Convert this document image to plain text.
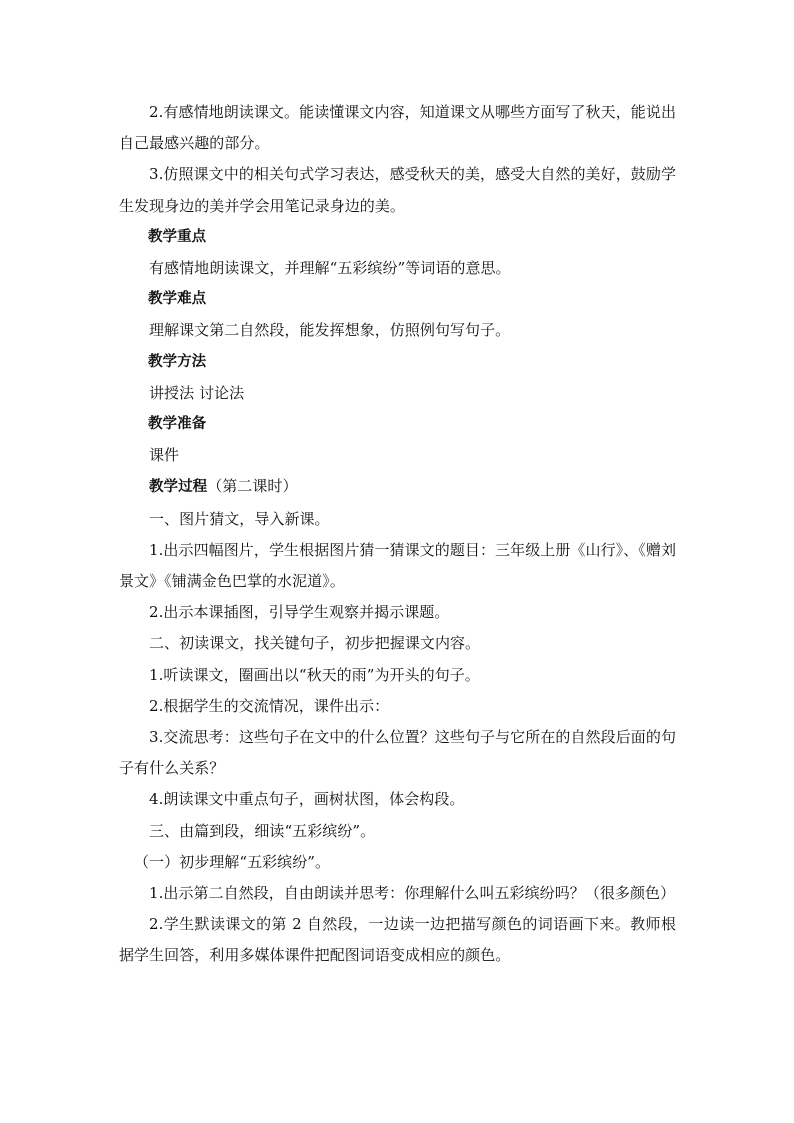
2.有感情地朗读课文。能读懂课文内容，知道课文从哪些方面写了秋天，能说出自己最感兴趣的部分。

3.仿照课文中的相关句式学习表达，感受秋天的美，感受大自然的美好，鼓励学生发现身边的美并学会用笔记录身边的美。

教学重点

有感情地朗读课文，并理解“五彩缤纷”等词语的意思。

教学难点

理解课文第二自然段，能发挥想象，仿照例句写句子。

教学方法

讲授法 讨论法

教学准备

课件

教学过程（第二课时）

一、图片猜文，导入新课。

1.出示四幅图片，学生根据图片猜一猜课文的题目：三年级上册《山行》、《赠刘景文》《铺满金色巴掌的水泥道》。

2.出示本课插图，引导学生观察并揭示课题。

二、初读课文，找关键句子，初步把握课文内容。

1.听读课文，圈画出以“秋天的雨”为开头的句子。

2.根据学生的交流情况，课件出示：

3.交流思考：这些句子在文中的什么位置？这些句子与它所在的自然段后面的句子有什么关系？

4.朗读课文中重点句子，画树状图，体会构段。

三、由篇到段，细读“五彩缤纷”。

（一）初步理解“五彩缤纷”。

1.出示第二自然段，自由朗读并思考：你理解什么叫五彩缤纷吗？（很多颜色）

2.学生默读课文的第 2 自然段，一边读一边把描写颜色的词语画下来。教师根据学生回答，利用多媒体课件把配图词语变成相应的颜色。
